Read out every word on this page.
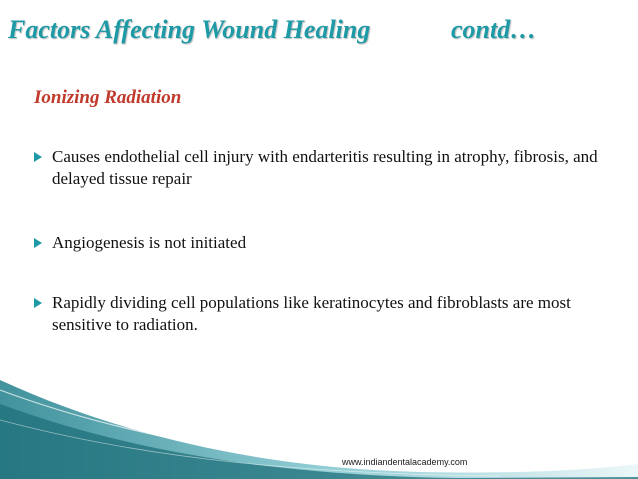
Factors Affecting Wound Healing	contd…
Ionizing Radiation
Causes endothelial cell injury with endarteritis resulting in atrophy, fibrosis, and delayed tissue repair
Angiogenesis is not initiated
Rapidly dividing cell populations like keratinocytes and fibroblasts are most sensitive to radiation.
www.indiandentalacademy.com
